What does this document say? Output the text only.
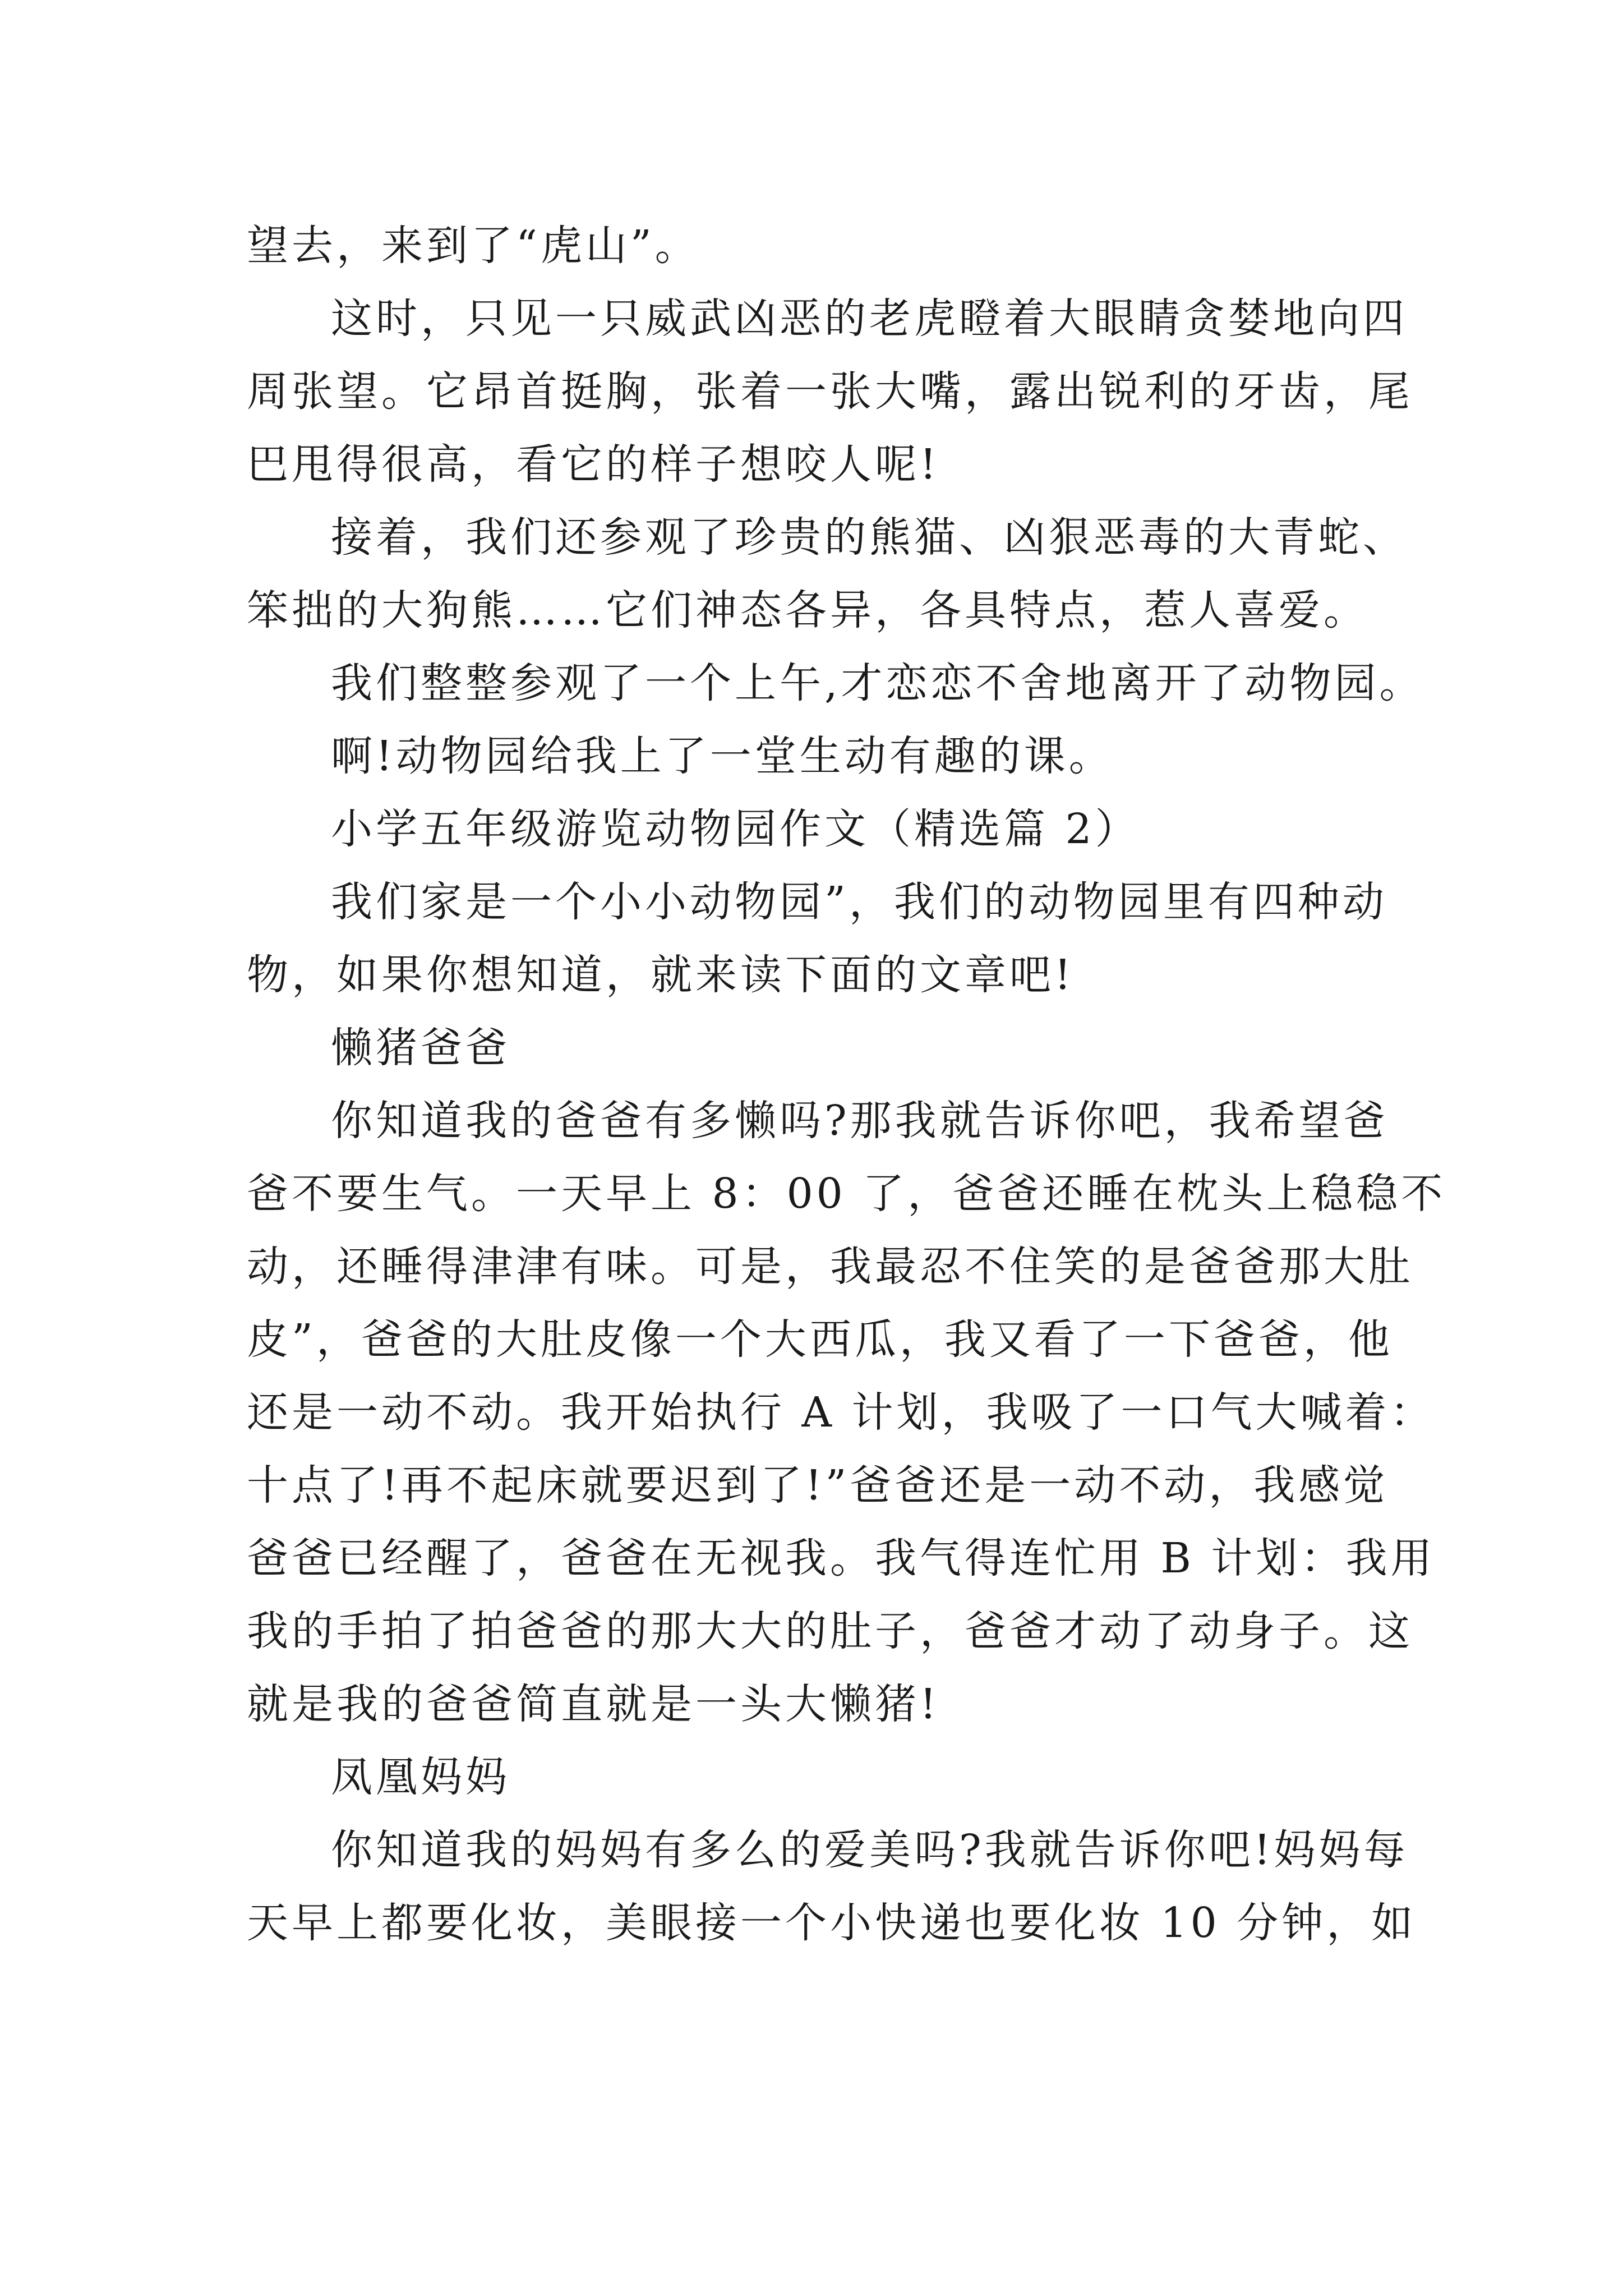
望去，来到了“虎山”。
这时，只见一只威武凶恶的老虎瞪着大眼睛贪婪地向四
周张望。它昂首挺胸，张着一张大嘴，露出锐利的牙齿，尾
巴甩得很高，看它的样子想咬人呢!
接着，我们还参观了珍贵的熊猫、凶狠恶毒的大青蛇、
笨拙的大狗熊……它们神态各异，各具特点，惹人喜爱。
我们整整参观了一个上午,才恋恋不舍地离开了动物园。
啊!动物园给我上了一堂生动有趣的课。
小学五年级游览动物园作文（精选篇 2）
我们家是一个小小动物园”，我们的动物园里有四种动
物，如果你想知道，就来读下面的文章吧!
懒猪爸爸
你知道我的爸爸有多懒吗?那我就告诉你吧，我希望爸
爸不要生气。一天早上 8：00 了，爸爸还睡在枕头上稳稳不
动，还睡得津津有味。可是，我最忍不住笑的是爸爸那大肚
皮”，爸爸的大肚皮像一个大西瓜，我又看了一下爸爸，他
还是一动不动。我开始执行 A 计划，我吸了一口气大喊着：
十点了!再不起床就要迟到了!”爸爸还是一动不动，我感觉
爸爸已经醒了，爸爸在无视我。我气得连忙用 B 计划：我用
我的手拍了拍爸爸的那大大的肚子，爸爸才动了动身子。这
就是我的爸爸简直就是一头大懒猪!
凤凰妈妈
你知道我的妈妈有多么的爱美吗?我就告诉你吧!妈妈每
天早上都要化妆，美眼接一个小快递也要化妆 10 分钟，如
